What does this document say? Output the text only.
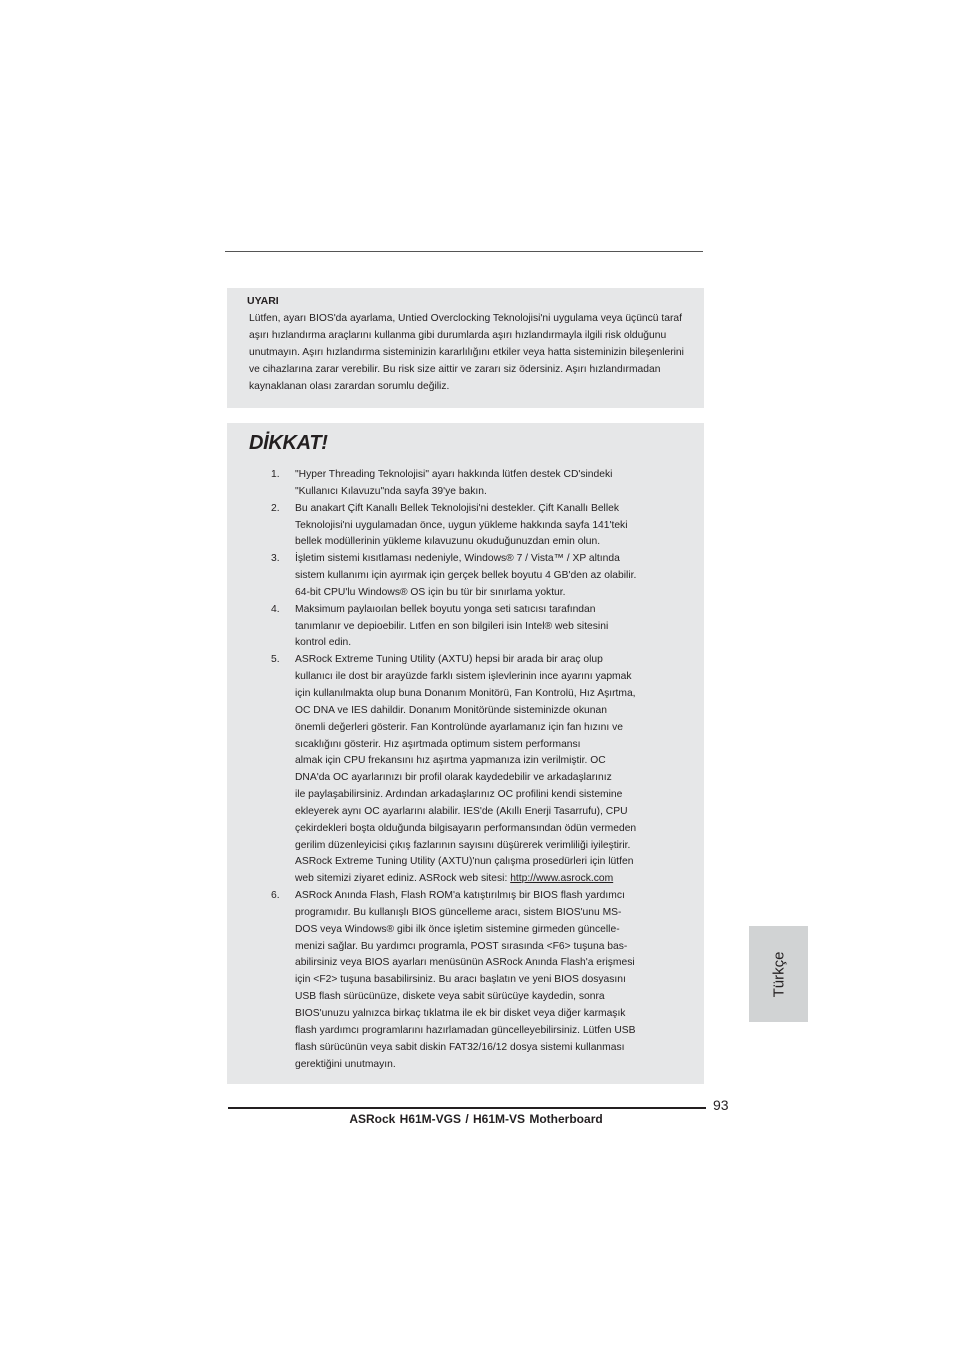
UYARI

Lütfen, ayarı BIOS'da ayarlama, Untied Overclocking Teknolojisi'ni uygulama veya üçüncü taraf aşırı hızlandırma araçlarını kullanma gibi durumlarda aşırı hızlandırmayla ilgili risk olduğunu unutmayın. Aşırı hızlandırma sisteminizin kararlılığını etkiler veya hatta sisteminizin bileşenlerini ve cihazlarına zarar verebilir. Bu risk size aittir ve zararı siz ödersiniz. Aşırı hızlandırmadan kaynaklanan olası zarardan sorumlu değiliz.

DİKKAT!
1.	"Hyper Threading Teknolojisi" ayarı hakkında lütfen destek CD'sindeki
"Kullanıcı Kılavuzu"nda sayfa 39'ye bakın.
2.	Bu anakart Çift Kanallı Bellek Teknolojisi'ni destekler. Çift Kanallı Bellek
Teknolojisi'ni uygulamadan önce, uygun yükleme hakkında sayfa 141'teki
bellek modüllerinin yükleme kılavuzunu okuduğunuzdan emin olun.
3.	İşletim sistemi kısıtlaması nedeniyle, Windows® 7 / Vista™ / XP altında
sistem kullanımı için ayırmak için gerçek bellek boyutu 4 GB'den az olabilir.
64-bit CPU'lu Windows® OS için bu tür bir sınırlama yoktur.
4.	Maksimum paylaıoılan bellek boyutu yonga seti satıcısı tarafından
tanımlanır ve depioebilir. Lıtfen en son bilgileri isin Intel® web sitesini
kontrol edin.
5.	ASRock Extreme Tuning Utility (AXTU) hepsi bir arada bir araç olup
kullanıcı ile dost bir arayüzde farklı sistem işlevlerinin ince ayarını yapmak
için kullanılmakta olup buna Donanım Monitörü, Fan Kontrolü, Hız Aşırtma,
OC DNA ve IES dahildir. Donanım Monitöründe sisteminizde okunan
önemli değerleri gösterir. Fan Kontrolünde ayarlamanız için fan hızını ve
sıcaklığını gösterir. Hız aşırtmada optimum sistem performansı
almak için CPU frekansını hız aşırtma yapmanıza izin verilmiştir. OC
DNA'da OC ayarlarınızı bir profil olarak kaydedebilir ve arkadaşlarınız
ile paylaşabilirsiniz. Ardından arkadaşlarınız OC profilini kendi sistemine
ekleyerek aynı OC ayarlarını alabilir. IES'de (Akıllı Enerji Tasarrufu), CPU
çekirdekleri boşta olduğunda bilgisayarın performansından ödün vermeden
gerilim düzenleyicisi çıkış fazlarının sayısını düşürerek verimliliği iyileştirir.
ASRock Extreme Tuning Utility (AXTU)'nun çalışma prosedürleri için lütfen
web sitemizi ziyaret ediniz. ASRock web sitesi: http://www.asrock.com
6.	ASRock Anında Flash, Flash ROM'a katıştırılmış bir BIOS flash yardımcı
programıdır. Bu kullanışlı BIOS güncelleme aracı, sistem BIOS'unu MS-
DOS veya Windows® gibi ilk önce işletim sistemine girmeden güncelle-
menizi sağlar. Bu yardımcı programla, POST sırasında <F6> tuşuna bas-
abilirsiniz veya BIOS ayarları menüsünün ASRock Anında Flash'a erişmesi
için <F2> tuşuna basabilirsiniz. Bu aracı başlatın ve yeni BIOS dosyasını
USB flash sürücünüze, diskete veya sabit sürücüye kaydedin, sonra
BIOS'unuzu yalnızca birkaç tıklatma ile ek bir disket veya diğer karmaşık
flash yardımcı programlarını hazırlamadan güncelleyebilirsiniz. Lütfen USB
flash sürücünün veya sabit diskin FAT32/16/12 dosya sistemi kullanması
gerektiğini unutmayın.
Türkçe
93
ASRock H61M-VGS / H61M-VS Motherboard
